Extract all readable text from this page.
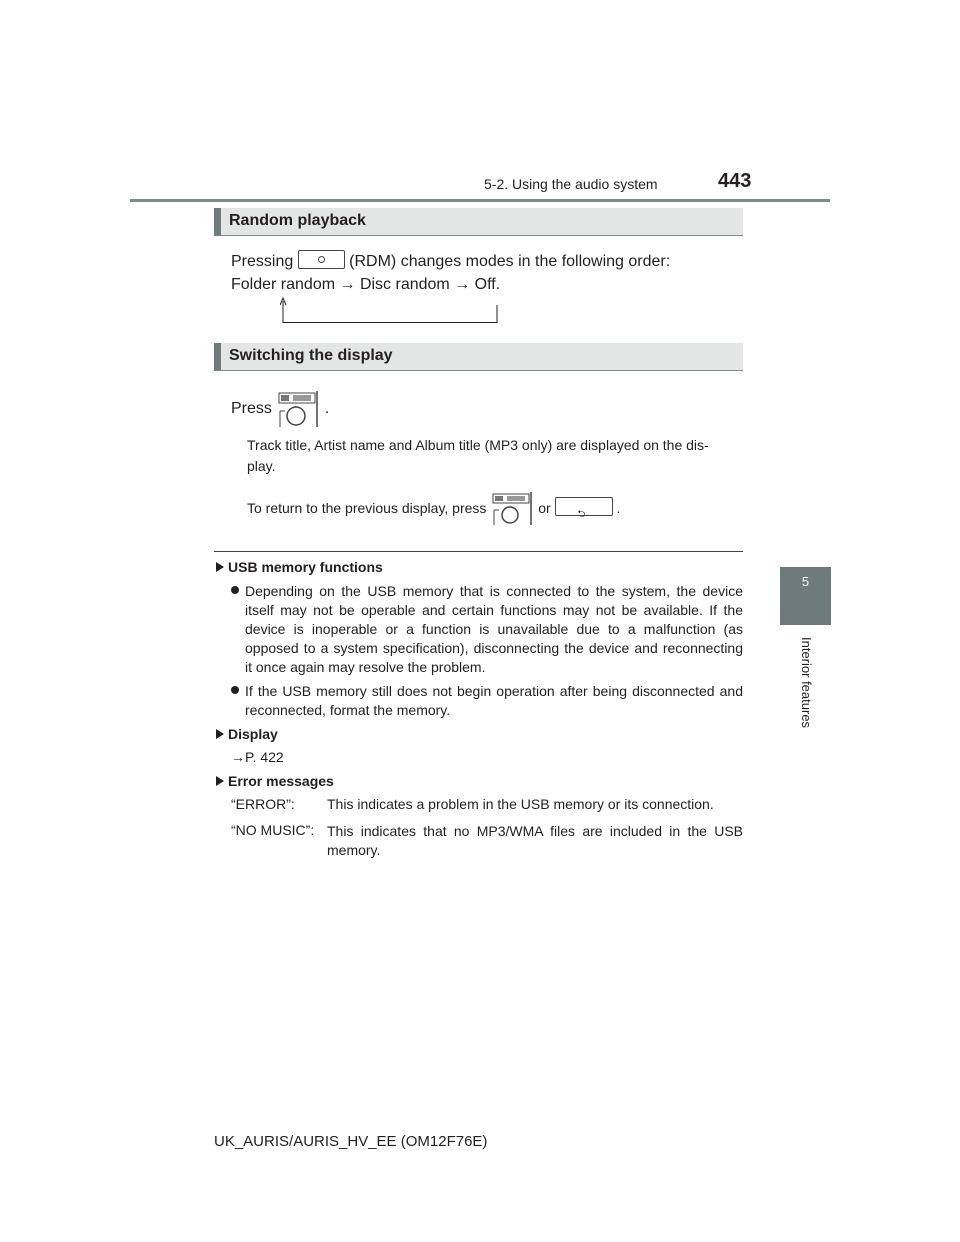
5-2. Using the audio system	443
5
Interior features
Random playback
Pressing	(RDM) changes modes in the following order:
Folder random → Disc random → Off.
Switching the display
Press	.
Track title, Artist name and Album title (MP3 only) are displayed on the dis-
play.
To return to the previous display, press	or	⮌ .
USB memory functions
Depending on the USB memory that is connected to the system, the device itself may not be operable and certain functions may not be available. If the device is inoperable or a function is unavailable due to a malfunction (as opposed to a system specification), disconnecting the device and reconnecting it once again may resolve the problem.
If the USB memory still does not begin operation after being disconnected and reconnected, format the memory.
Display
→P. 422
Error messages
“ERROR”: This indicates a problem in the USB memory or its connection.
“NO MUSIC”: This indicates that no MP3/WMA files are included in the USB memory.
UK_AURIS/AURIS_HV_EE (OM12F76E)
